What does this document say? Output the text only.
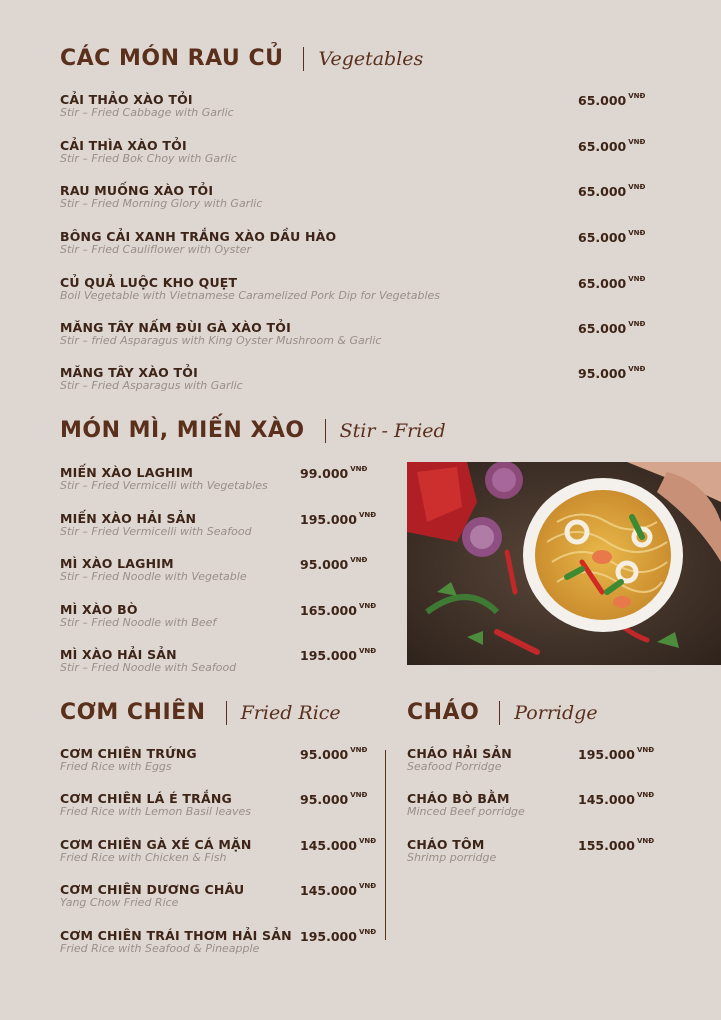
CÁC MÓN RAU CỦ Vegetables
CẢI THẢO XÀO TỎI
Stir – Fried Cabbage with Garlic
65.000 $^{VNĐ}$
CẢI THÌA XÀO TỎI
Stir – Fried Bok Choy with Garlic
65.000 $^{VNĐ}$
RAU MUỐNG XÀO TỎI
Stir – Fried Morning Glory with Garlic
65.000 $^{VNĐ}$
BÔNG CẢI XANH TRẮNG XÀO DẦU HÀO
Stir – Fried Cauliflower with Oyster
65.000 $^{VNĐ}$
CỦ QUẢ LUỘC KHO QUẸT
Boil Vegetable with Vietnamese Caramelized Pork Dip for Vegetables
65.000 $^{VNĐ}$
MĂNG TÂY NẤM ĐÙI GÀ XÀO TỎI
Stir – fried Asparagus with King Oyster Mushroom & Garlic
65.000 $^{VNĐ}$
MĂNG TÂY XÀO TỎI
Stir – Fried Asparagus with Garlic
95.000 $^{VNĐ}$
MÓN MÌ, MIẾN XÀO Stir - Fried
MIẾN XÀO LAGHIM
Stir – Fried Vermicelli with Vegetables
99.000 $^{VNĐ}$
MIẾN XÀO HẢI SẢN
Stir – Fried Vermicelli with Seafood
195.000 $^{VNĐ}$
MÌ XÀO LAGHIM
Stir – Fried Noodle with Vegetable
95.000 $^{VNĐ}$
MÌ XÀO BÒ
Stir – Fried Noodle with Beef
165.000 $^{VNĐ}$
MÌ XÀO HẢI SẢN
Stir – Fried Noodle with Seafood
195.000 $^{VNĐ}$
CƠM CHIÊN Fried Rice
CƠM CHIÊN TRỨNG
Fried Rice with Eggs
95.000 $^{VNĐ}$
CƠM CHIÊN LÁ É TRẮNG
Fried Rice with Lemon Basil leaves
95.000 $^{VNĐ}$
CƠM CHIÊN GÀ XÉ CÁ MẶN
Fried Rice with Chicken & Fish
145.000 $^{VNĐ}$
CƠM CHIÊN DƯƠNG CHÂU
Yang Chow Fried Rice
145.000 $^{VNĐ}$
CƠM CHIÊN TRÁI THƠM HẢI SẢN
Fried Rice with Seafood & Pineapple
195.000 $^{VNĐ}$
CHÁO Porridge
CHÁO HẢI SẢN
Seafood Porridge
195.000 $^{VNĐ}$
CHÁO BÒ BẰM
Minced Beef porridge
145.000 $^{VNĐ}$
CHÁO TÔM
Shrimp porridge
155.000 $^{VNĐ}$
